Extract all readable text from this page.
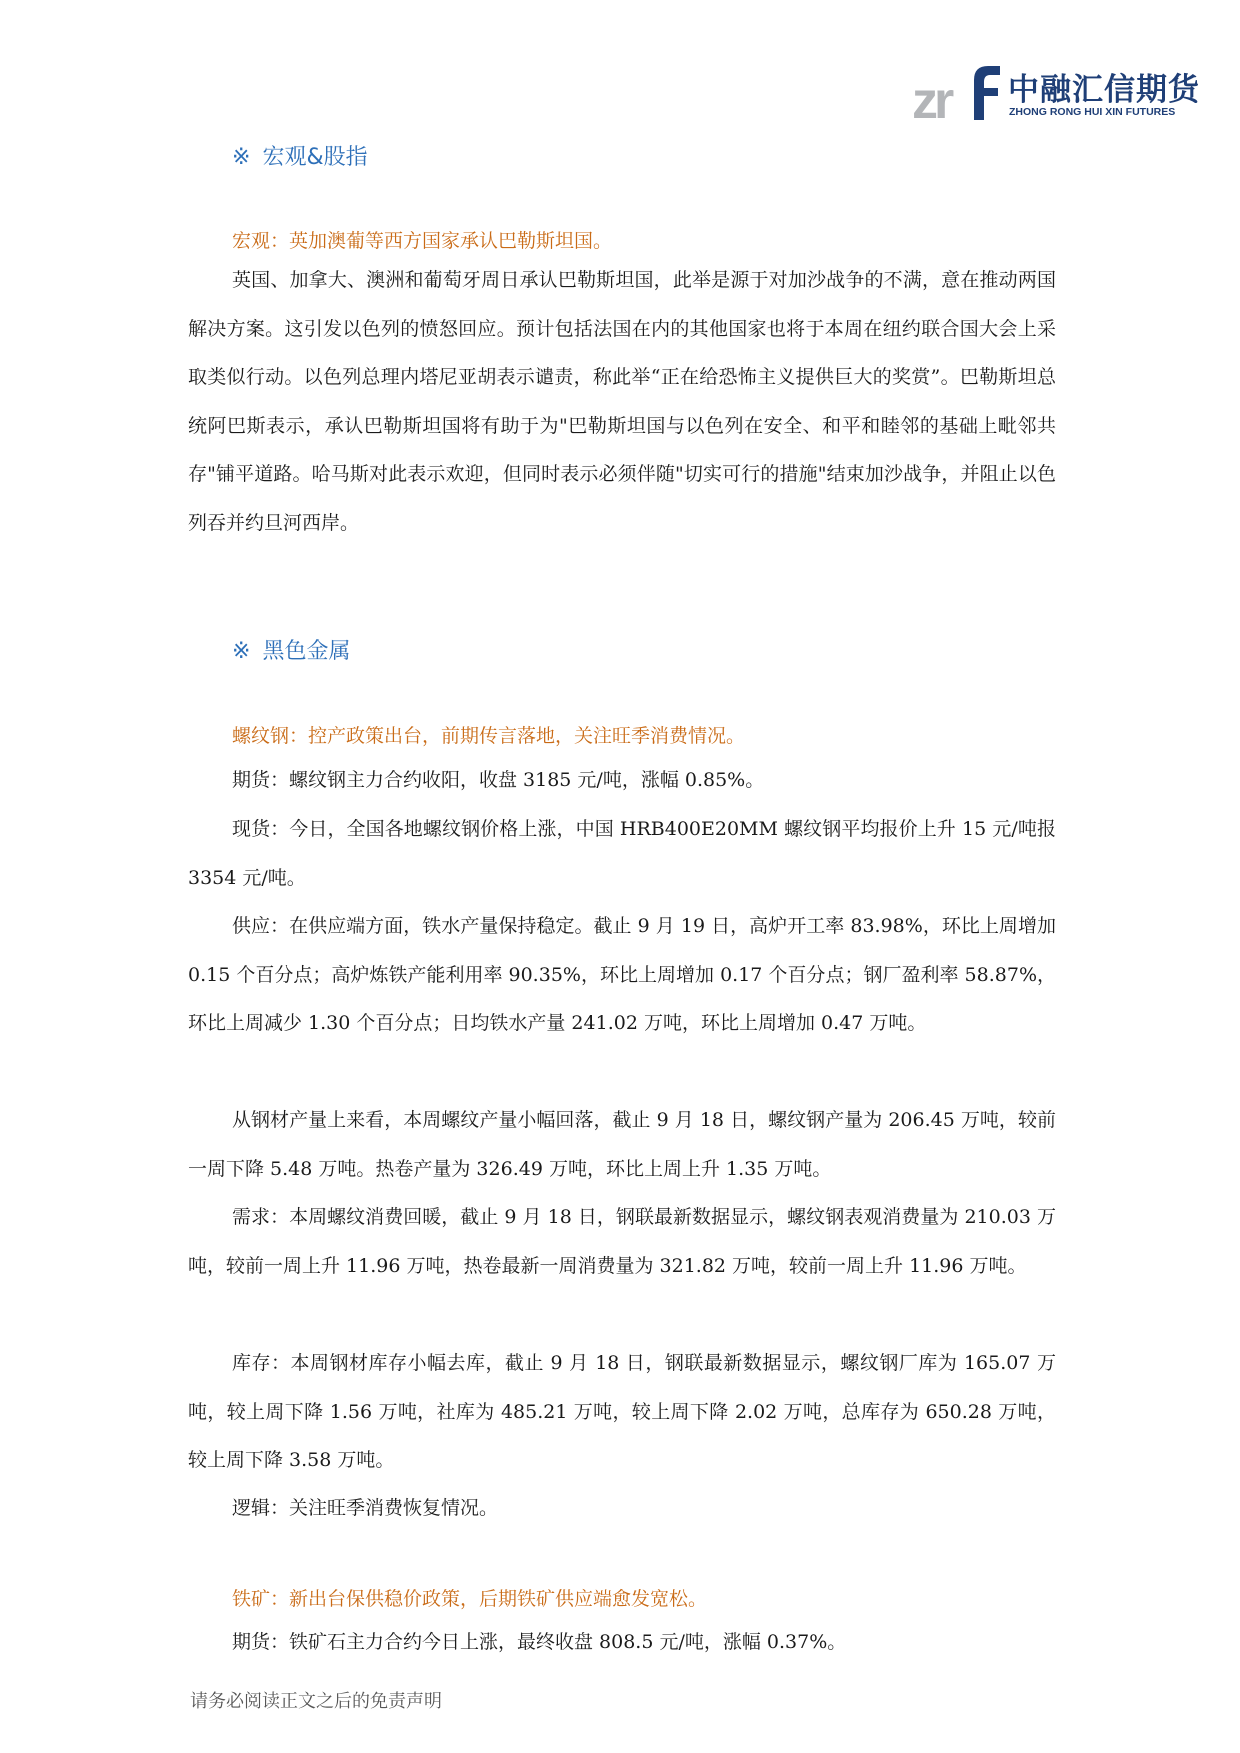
zr 中融汇信期货
ZHONG RONG HUI XIN FUTURES
※ 宏观&股指
宏观：英加澳葡等西方国家承认巴勒斯坦国。

英国、加拿大、澳洲和葡萄牙周日承认巴勒斯坦国，此举是源于对加沙战争的不满，意在推动两国解决方案。这引发以色列的愤怒回应。预计包括法国在内的其他国家也将于本周在纽约联合国大会上采取类似行动。以色列总理内塔尼亚胡表示谴责，称此举“正在给恐怖主义提供巨大的奖赏”。巴勒斯坦总统阿巴斯表示，承认巴勒斯坦国将有助于为"巴勒斯坦国与以色列在安全、和平和睦邻的基础上毗邻共存"铺平道路。哈马斯对此表示欢迎，但同时表示必须伴随"切实可行的措施"结束加沙战争，并阻止以色列吞并约旦河西岸。

※ 黑色金属
螺纹钢：控产政策出台，前期传言落地，关注旺季消费情况。

期货：螺纹钢主力合约收阳，收盘 3185 元/吨，涨幅 0.85%。

现货：今日，全国各地螺纹钢价格上涨，中国 HRB400E20MM 螺纹钢平均报价上升 15 元/吨报 3354 元/吨。

供应：在供应端方面，铁水产量保持稳定。截止 9 月 19 日，高炉开工率 83.98%，环比上周增加 0.15 个百分点；高炉炼铁产能利用率 90.35%，环比上周增加 0.17 个百分点；钢厂盈利率 58.87%，环比上周减少 1.30 个百分点；日均铁水产量 241.02 万吨，环比上周增加 0.47 万吨。

从钢材产量上来看，本周螺纹产量小幅回落，截止 9 月 18 日，螺纹钢产量为 206.45 万吨，较前一周下降 5.48 万吨。热卷产量为 326.49 万吨，环比上周上升 1.35 万吨。

需求：本周螺纹消费回暖，截止 9 月 18 日，钢联最新数据显示，螺纹钢表观消费量为 210.03 万吨，较前一周上升 11.96 万吨，热卷最新一周消费量为 321.82 万吨，较前一周上升 11.96 万吨。

库存：本周钢材库存小幅去库，截止 9 月 18 日，钢联最新数据显示，螺纹钢厂库为 165.07 万吨，较上周下降 1.56 万吨，社库为 485.21 万吨，较上周下降 2.02 万吨，总库存为 650.28 万吨，较上周下降 3.58 万吨。

逻辑：关注旺季消费恢复情况。

铁矿：新出台保供稳价政策，后期铁矿供应端愈发宽松。

期货：铁矿石主力合约今日上涨，最终收盘 808.5 元/吨，涨幅 0.37%。

请务必阅读正文之后的免责声明
